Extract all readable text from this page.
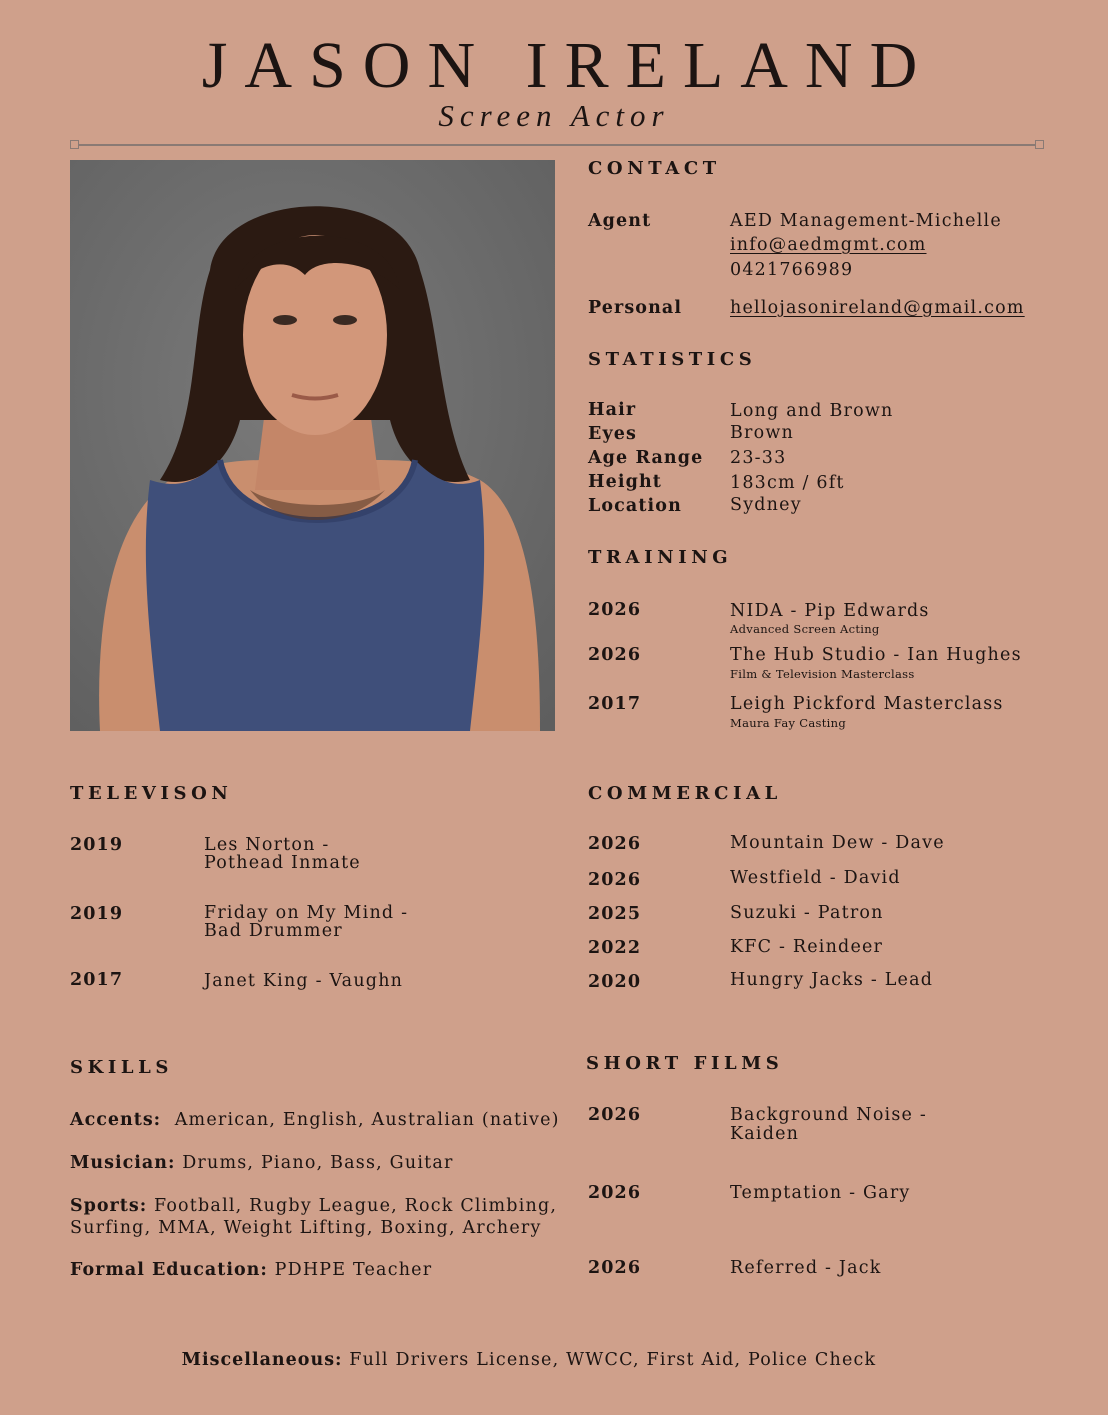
JASON IRELAND
Screen Actor
CONTACT
Agent	AED Management-Michelle
info@aedmgmt.com
0421766989
Personal	hellojasonireland@gmail.com
STATISTICS
Hair	Long and Brown
Eyes	Brown
Age Range 23-33
Height	183cm / 6ft
Location	Sydney
TRAINING
2026	NIDA - Pip Edwards
Advanced Screen Acting
2026	The Hub Studio - Ian Hughes
Film & Television Masterclass
2017	Leigh Pickford Masterclass
Maura Fay Casting
TELEVISON
2019	Les Norton -
Pothead Inmate
2019	Friday on My Mind -
Bad Drummer
2017	Janet King - Vaughn
COMMERCIAL
2026	Mountain Dew - Dave
2026	Westfield - David
2025	Suzuki - Patron
2022	KFC - Reindeer
2020	Hungry Jacks - Lead
SKILLS
Accents: American, English, Australian (native)
Musician: Drums, Piano, Bass, Guitar
Sports: Football, Rugby League, Rock Climbing,
Surfing, MMA, Weight Lifting, Boxing, Archery
Formal Education: PDHPE Teacher
SHORT FILMS
2026	Background Noise -
Kaiden
2026	Temptation - Gary
2026	Referred - Jack
Miscellaneous: Full Drivers License, WWCC, First Aid, Police Check
